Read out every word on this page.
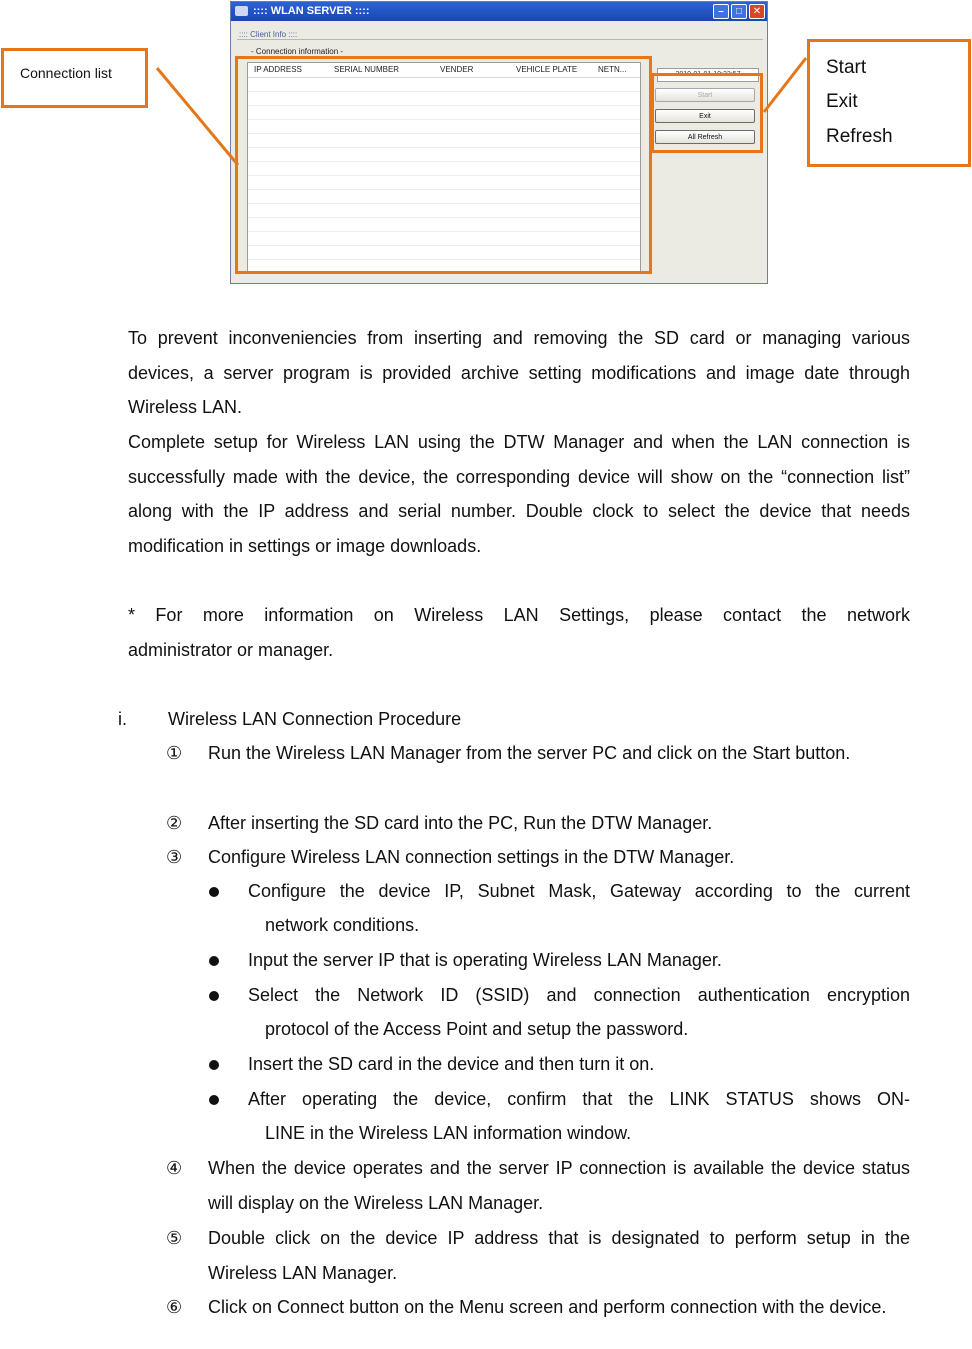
:::: WLAN SERVER ::::	–	□	✕
:::: Client Info ::::
- Connection information -
IP ADDRESS	SERIAL NUMBER	VENDER	VEHICLE PLATE	NETN...
2010-01-01 10:32:57
Start
Exit
All Refresh
Connection list	Start
Exit
Refresh
To prevent inconveniencies from inserting and removing the SD card or managing various devices, a server program is provided archive setting modifications and image date through Wireless LAN.
Complete setup for Wireless LAN using the DTW Manager and when the LAN connection is successfully made with the device, the corresponding device will show on the “connection list” along with the IP address and serial number. Double clock to select the device that needs modification in settings or image downloads.
* For more information on Wireless LAN Settings, please contact the network
administrator or manager.
i. Wireless LAN Connection Procedure
① Run the Wireless LAN Manager from the server PC and click on the Start button.
② After inserting the SD card into the PC, Run the DTW Manager.
③ Configure Wireless LAN connection settings in the DTW Manager.
Configure the device IP, Subnet Mask, Gateway according to the current
network conditions.
Input the server IP that is operating Wireless LAN Manager.
Select the Network ID (SSID) and connection authentication encryption
protocol of the Access Point and setup the password.
Insert the SD card in the device and then turn it on.
After operating the device, confirm that the LINK STATUS shows ON-
LINE in the Wireless LAN information window.
④ When the device operates and the server IP connection is available the device status will display on the Wireless LAN Manager.
⑤ Double click on the device IP address that is designated to perform setup in the Wireless LAN Manager.
⑥ Click on Connect button on the Menu screen and perform connection with the device.
